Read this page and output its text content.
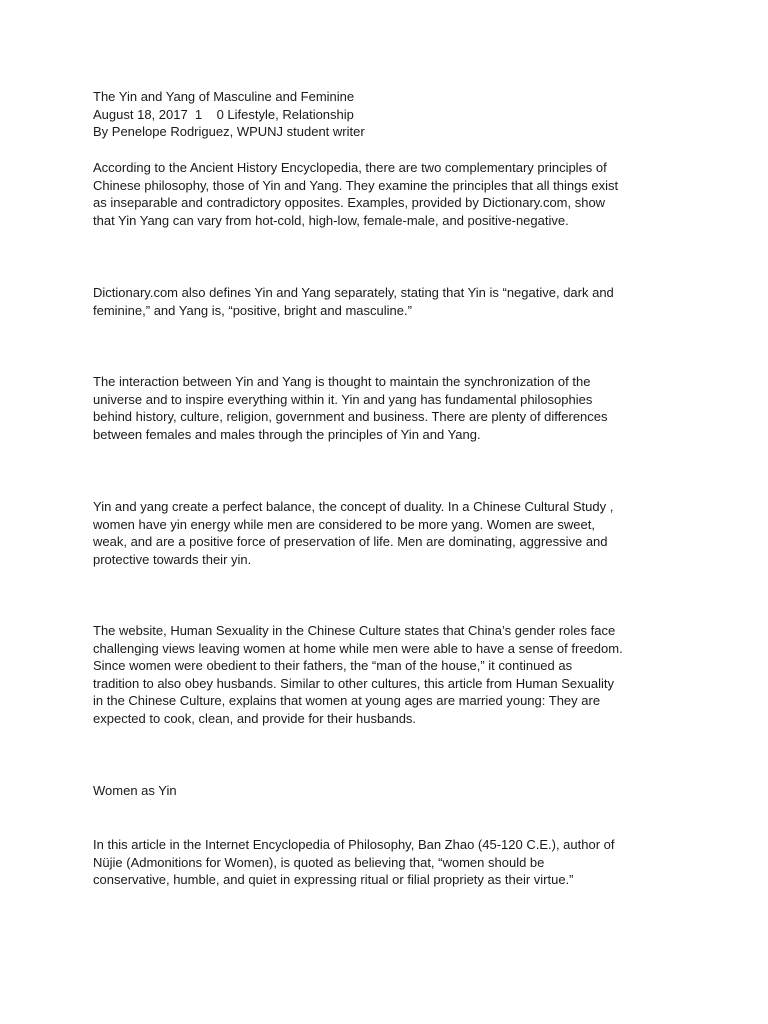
The Yin and Yang of Masculine and Feminine
August 18, 2017  1    0 Lifestyle, Relationship
By Penelope Rodriguez, WPUNJ student writer
According to the Ancient History Encyclopedia, there are two complementary principles of
Chinese philosophy, those of Yin and Yang. They examine the principles that all things exist
as inseparable and contradictory opposites. Examples, provided by Dictionary.com, show
that Yin Yang can vary from hot-cold, high-low, female-male, and positive-negative.
Dictionary.com also defines Yin and Yang separately, stating that Yin is “negative, dark and
feminine,” and Yang is, “positive, bright and masculine.”
The interaction between Yin and Yang is thought to maintain the synchronization of the
universe and to inspire everything within it. Yin and yang has fundamental philosophies
behind history, culture, religion, government and business. There are plenty of differences
between females and males through the principles of Yin and Yang.
Yin and yang create a perfect balance, the concept of duality. In a Chinese Cultural Study ,
women have yin energy while men are considered to be more yang. Women are sweet,
weak, and are a positive force of preservation of life. Men are dominating, aggressive and
protective towards their yin.
The website, Human Sexuality in the Chinese Culture states that China’s gender roles face
challenging views leaving women at home while men were able to have a sense of freedom.
Since women were obedient to their fathers, the “man of the house,” it continued as
tradition to also obey husbands. Similar to other cultures, this article from Human Sexuality
in the Chinese Culture, explains that women at young ages are married young: They are
expected to cook, clean, and provide for their husbands.
Women as Yin
In this article in the Internet Encyclopedia of Philosophy, Ban Zhao (45-120 C.E.), author of
Nüjie (Admonitions for Women), is quoted as believing that, “women should be
conservative, humble, and quiet in expressing ritual or filial propriety as their virtue.”
